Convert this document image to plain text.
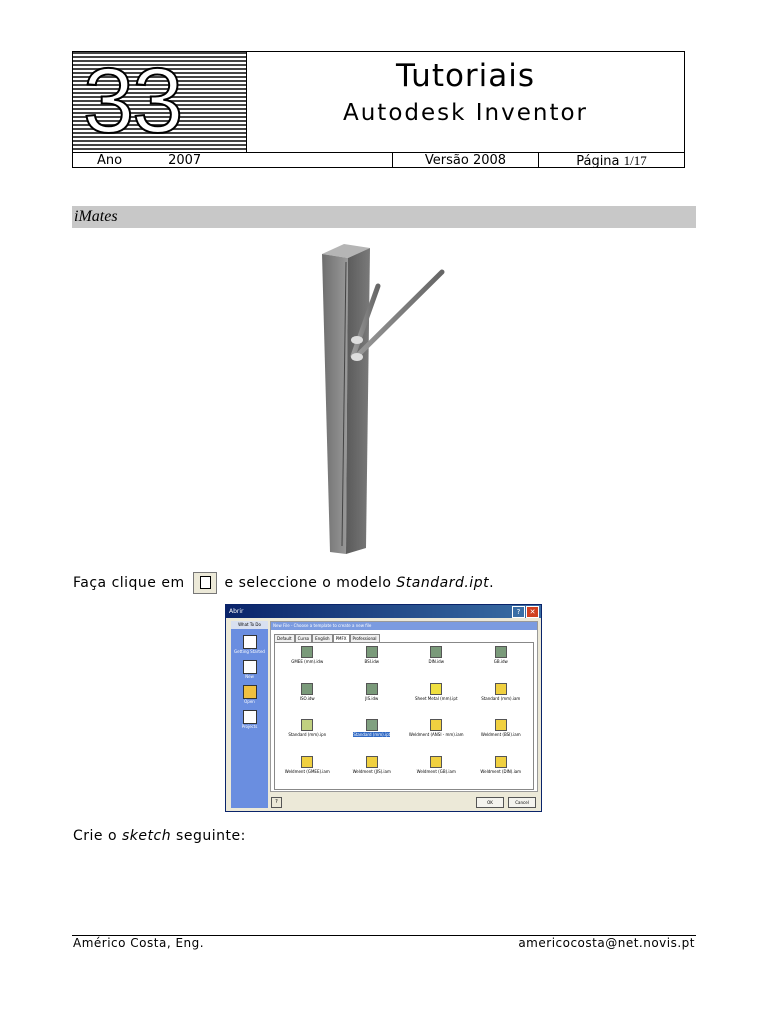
33	Tutoriais
Autodesk Inventor
Ano	2007	Versão 2008	Página 1/17
iMates
Faça clique em	e seleccione o modelo Standard.ipt.
Abrir	?	✕
What To Do
Getting Started
New
Open
Projects
New File - Choose a template to create a new file
Default	Curso	English	PMFX	Professional
GMEE (mm).idw	BSI.idw	DIN.idw	GB.idw
ISO.idw	JIS.idw	Sheet Metal (mm).ipt	Standard (mm).iam
Standard (mm).ipn	Standard (mm).ipt	Weldment (ANSI - mm).iam	Weldment (BSI).iam
Weldment (GMEE).iam	Weldment (JIS).iam	Weldment (GB).iam	Weldment (DIN).iam
?	OK	Cancel
Crie o sketch seguinte:
Américo Costa, Eng.	americocosta@net.novis.pt
